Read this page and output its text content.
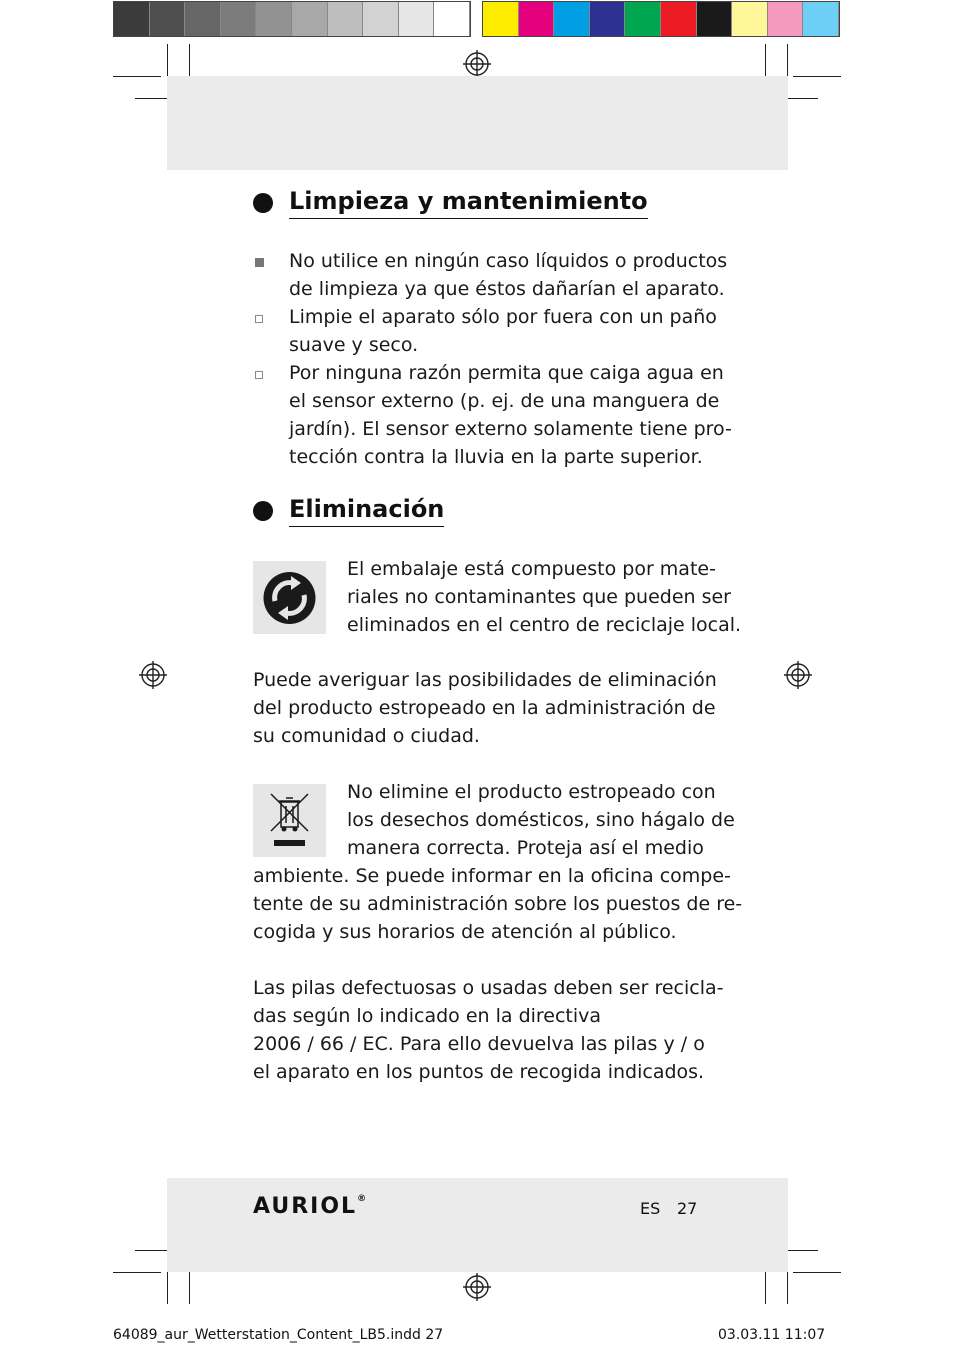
Limpieza y mantenimiento
No utilice en ningún caso líquidos o productos
de limpieza ya que éstos dañarían el aparato.
Limpie el aparato sólo por fuera con un paño
suave y seco.
Por ninguna razón permita que caiga agua en
el sensor externo (p. ej. de una manguera de
jardín). El sensor externo solamente tiene pro-
tección contra la lluvia en la parte superior.
Eliminación
El embalaje está compuesto por mate-
riales no contaminantes que pueden ser
eliminados en el centro de reciclaje local.
Puede averiguar las posibilidades de eliminación
del producto estropeado en la administración de
su comunidad o ciudad.
No elimine el producto estropeado con
los desechos domésticos, sino hágalo de
manera correcta. Proteja así el medio
ambiente. Se puede informar en la oficina compe-
tente de su administración sobre los puestos de re-
cogida y sus horarios de atención al público.
Las pilas defectuosas o usadas deben ser recicla-
das según lo indicado en la directiva
2006 / 66 / EC. Para ello devuelva las pilas y / o
el aparato en los puntos de recogida indicados.
AURIOL®	ES 27
64089_aur_Wetterstation_Content_LB5.indd 27	03.03.11 11:07
